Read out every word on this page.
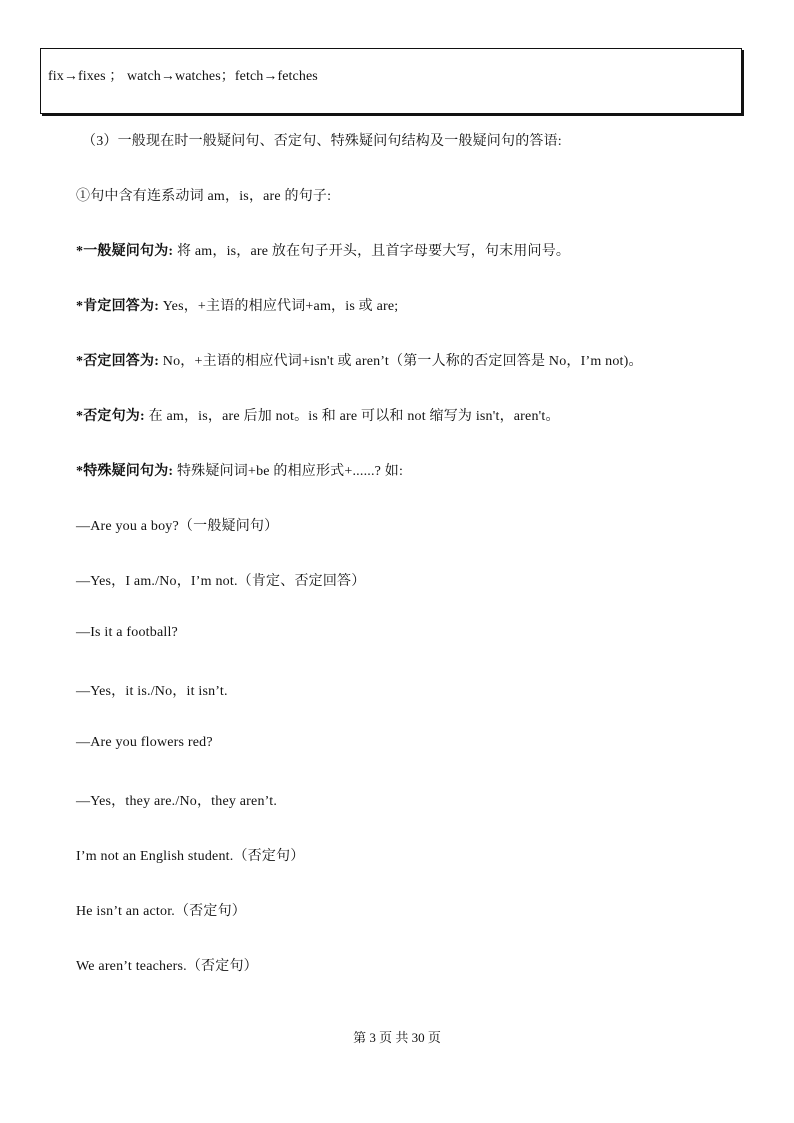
fix→fixes ； watch→watches；fetch→fetches
（3）一般现在时一般疑问句、否定句、特殊疑问句结构及一般疑问句的答语:
①句中含有连系动词 am，is，are 的句子:
*一般疑问句为: 将 am，is，are 放在句子开头，且首字母要大写，句末用问号。
*肯定回答为: Yes，+主语的相应代词+am，is 或 are;
*否定回答为: No，+主语的相应代词+isn't 或 aren’t（第一人称的否定回答是 No，I’m not)。
*否定句为: 在 am，is，are 后加 not。is 和 are 可以和 not 缩写为 isn't，aren't。
*特殊疑问句为: 特殊疑问词+be 的相应形式+......? 如:
—Are you a boy?（一般疑问句）
—Yes，I am./No，I’m not.（肯定、否定回答）
—Is it a football?
—Yes，it is./No，it isn’t.
—Are you flowers red?
—Yes，they are./No，they aren’t.
I’m not an English student.（否定句）
He isn’t an actor.（否定句）
We aren’t teachers.（否定句）
第 3 页 共 30 页
